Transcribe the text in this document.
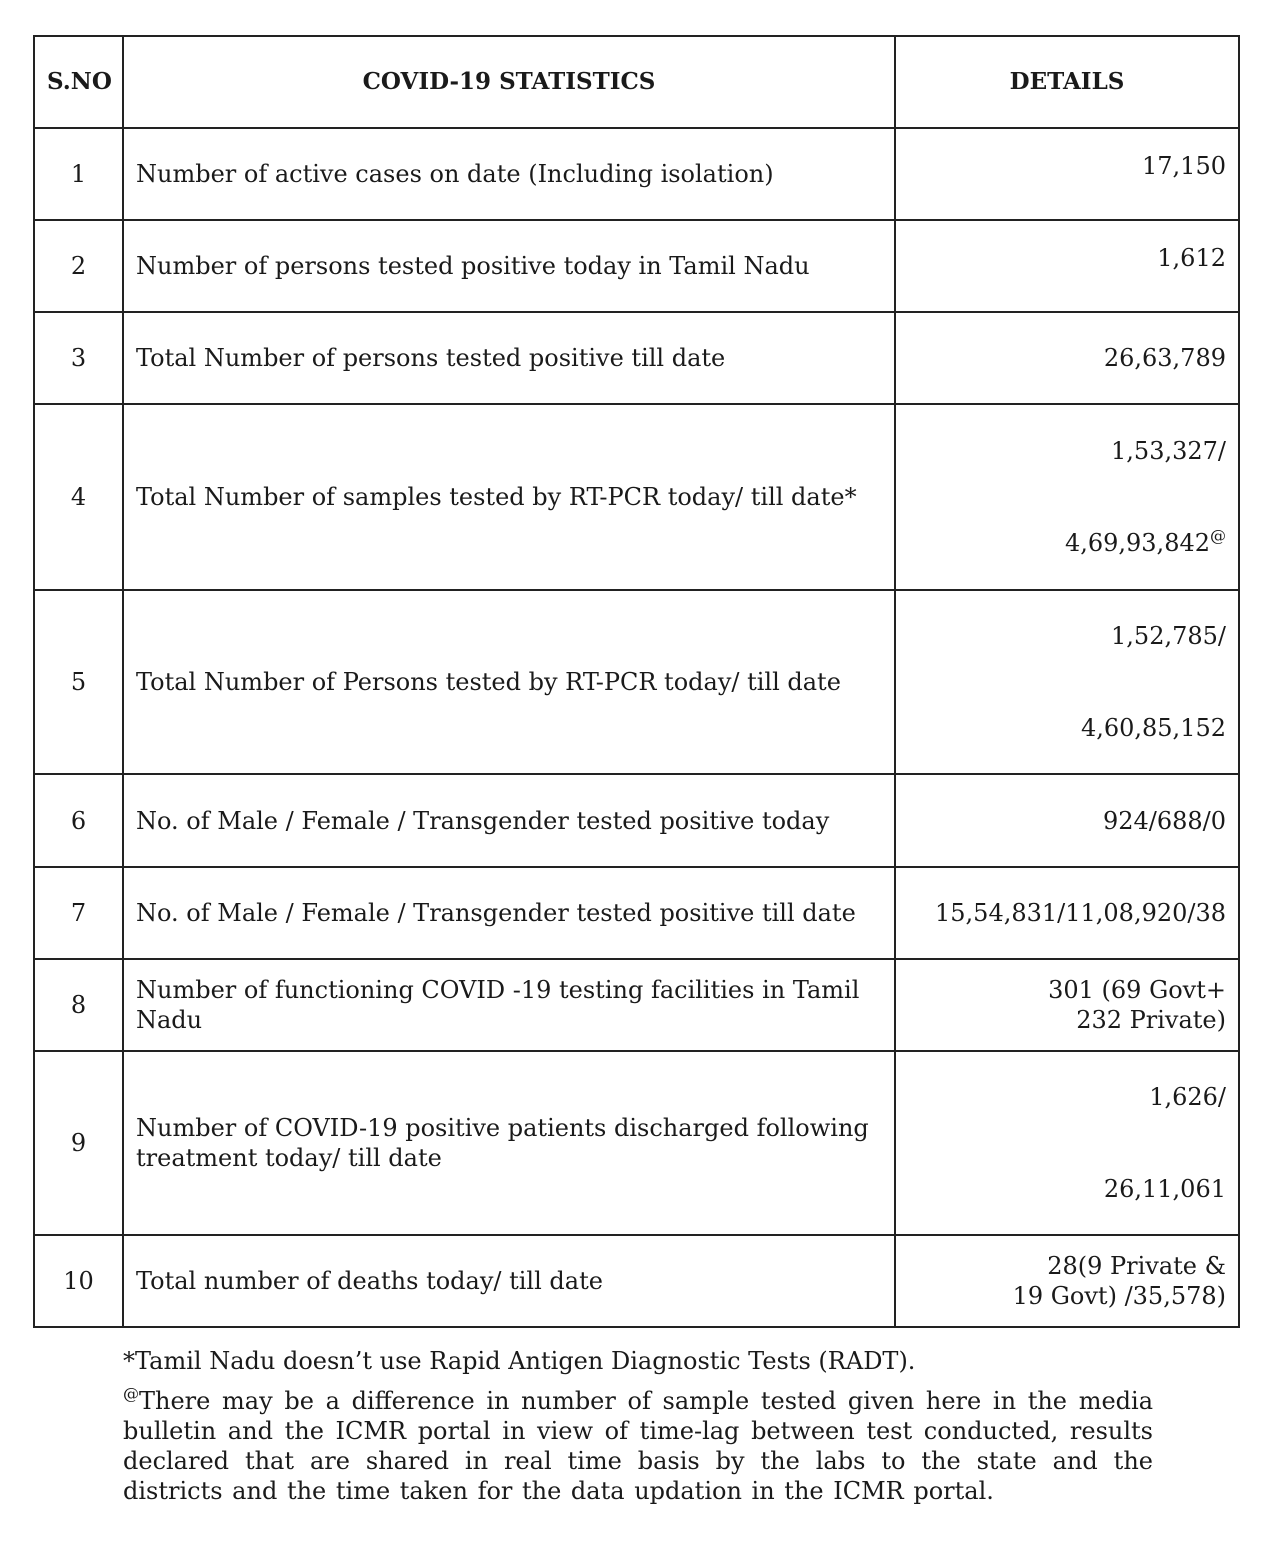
S.NO	COVID-19 STATISTICS	DETAILS
1	Number of active cases on date (Including isolation)	17,150
2	Number of persons tested positive today in Tamil Nadu	1,612
3	Total Number of persons tested positive till date	26,63,789
4	Total Number of samples tested by RT-PCR today/ till date*	1,53,327/
4,69,93,842@

5	Total Number of Persons tested by RT-PCR today/ till date	1,52,785/
4,60,85,152

6	No. of Male / Female / Transgender tested positive today	924/688/0
7	No. of Male / Female / Transgender tested positive till date	15,54,831/11,08,920/38
8	Number of functioning COVID -19 testing facilities in Tamil Nadu	301 (69 Govt+
232 Private)

9	Number of COVID-19 positive patients discharged following treatment today/ till date	1,626/
26,11,061

10	Total number of deaths today/ till date	28(9 Private &
19 Govt) /35,578)

*Tamil Nadu doesn’t use Rapid Antigen Diagnostic Tests (RADT).

@There may be a difference in number of sample tested given here in the media bulletin and the ICMR portal in view of time-lag between test conducted, results declared that are shared in real time basis by the labs to the state and the districts and the time taken for the data updation in the ICMR portal.
